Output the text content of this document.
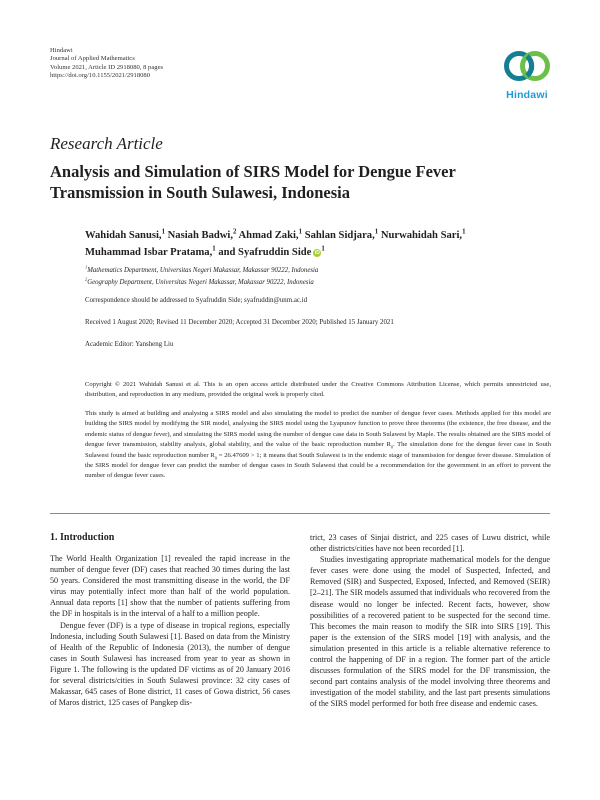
Hindawi
Journal of Applied Mathematics
Volume 2021, Article ID 2918080, 8 pages
https://doi.org/10.1155/2021/2918080
Hindawi
Research Article
Analysis and Simulation of SIRS Model for Dengue Fever
Transmission in South Sulawesi, Indonesia
Wahidah Sanusi,$^1$ Nasiah Badwi,$^2$ Ahmad Zaki,$^1$ Sahlan Sidjara,$^1$ Nurwahidah Sari,$^1$
Muhammad Isbar Pratama,$^1$ and Syafruddin Side $iD^1$
$^1$Mathematics Department, Universitas Negeri Makassar, Makassar 90222, Indonesia
$^2$Geography Department, Universitas Negeri Makassar, Makassar 90222, Indonesia
Correspondence should be addressed to Syafruddin Side; syafruddin@unm.ac.id
Received 1 August 2020; Revised 11 December 2020; Accepted 31 December 2020; Published 15 January 2021
Academic Editor: Yansheng Liu
Copyright © 2021 Wahidah Sanusi et al. This is an open access article distributed under the Creative Commons Attribution License, which permits unrestricted use, distribution, and reproduction in any medium, provided the original work is properly cited.
This study is aimed at building and analysing a SIRS model and also simulating the model to predict the number of dengue fever cases. Methods applied for this model are building the SIRS model by modifying the SIR model, analysing the SIRS model using the Lyapunov function to prove three theorems (the existence, the free disease, and the endemic status of dengue fever), and simulating the SIRS model using the number of dengue case data in South Sulawesi by Maple. The results obtained are the SIRS model of dengue fever transmission, stability analysis, global stability, and the value of the basic reproduction number $R_0$. The simulation done for the dengue fever case in South Sulawesi found the basic reproduction number $R_0 = 26.47609 > 1$; it means that South Sulawesi is in the endemic stage of transmission for dengue fever disease. Simulation of the SIRS model for dengue fever can predict the number of dengue cases in South Sulawesi that could be a recommendation for the government in an effort to prevent the number of dengue fever cases.
1. Introduction

The World Health Organization [1] revealed the rapid increase in the number of dengue fever (DF) cases that reached 30 times during the last 50 years. Considered the most transmitting disease in the world, the DF virus may potentially infect more than half of the world population. Annual data reports [1] show that the number of patients suffering from the DF in hospitals is in the interval of a half to a million people.

Dengue fever (DF) is a type of disease in tropical regions, especially Indonesia, including South Sulawesi [1]. Based on data from the Ministry of Health of the Republic of Indonesia (2013), the number of dengue cases in South Sulawesi has increased from year to year as shown in Figure 1. The following is the updated DF victims as of 20 January 2016 for several districts/cities in South Sulawesi province: 32 city cases of Makassar, 645 cases of Bone district, 11 cases of Gowa district, 56 cases of Maros district, 125 cases of Pangkep dis-

trict, 23 cases of Sinjai district, and 225 cases of Luwu district, while other districts/cities have not been recorded [1].

Studies investigating appropriate mathematical models for the dengue fever cases were done using the model of Suspected, Infected, and Removed (SIR) and Suspected, Exposed, Infected, and Removed (SEIR) [2–21]. The SIR models assumed that individuals who recovered from the disease would no longer be infected. Recent facts, however, show possibilities of a recovered patient to be suspected for the second time. This becomes the main reason to modify the SIR into SIRS [19]. This paper is the extension of the SIRS model [19] with analysis, and the simulation presented in this article is a reliable alternative reference to control the happening of DF in a region. The former part of the article discusses formulation of the SIRS model for the DF transmission, the second part contains analysis of the model involving three theorems and investigation of the model stability, and the last part presents simulations of the SIRS model performed for both free disease and endemic cases.
